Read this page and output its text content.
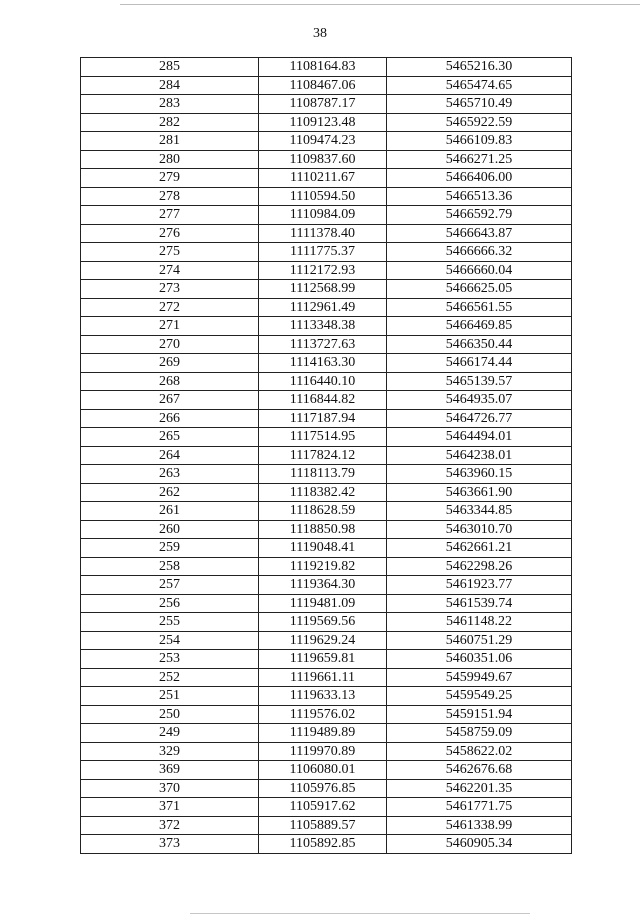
38
285	1108164.83	5465216.30
284	1108467.06	5465474.65
283	1108787.17	5465710.49
282	1109123.48	5465922.59
281	1109474.23	5466109.83
280	1109837.60	5466271.25
279	1110211.67	5466406.00
278	1110594.50	5466513.36
277	1110984.09	5466592.79
276	1111378.40	5466643.87
275	1111775.37	5466666.32
274	1112172.93	5466660.04
273	1112568.99	5466625.05
272	1112961.49	5466561.55
271	1113348.38	5466469.85
270	1113727.63	5466350.44
269	1114163.30	5466174.44
268	1116440.10	5465139.57
267	1116844.82	5464935.07
266	1117187.94	5464726.77
265	1117514.95	5464494.01
264	1117824.12	5464238.01
263	1118113.79	5463960.15
262	1118382.42	5463661.90
261	1118628.59	5463344.85
260	1118850.98	5463010.70
259	1119048.41	5462661.21
258	1119219.82	5462298.26
257	1119364.30	5461923.77
256	1119481.09	5461539.74
255	1119569.56	5461148.22
254	1119629.24	5460751.29
253	1119659.81	5460351.06
252	1119661.11	5459949.67
251	1119633.13	5459549.25
250	1119576.02	5459151.94
249	1119489.89	5458759.09
329	1119970.89	5458622.02
369	1106080.01	5462676.68
370	1105976.85	5462201.35
371	1105917.62	5461771.75
372	1105889.57	5461338.99
373	1105892.85	5460905.34
